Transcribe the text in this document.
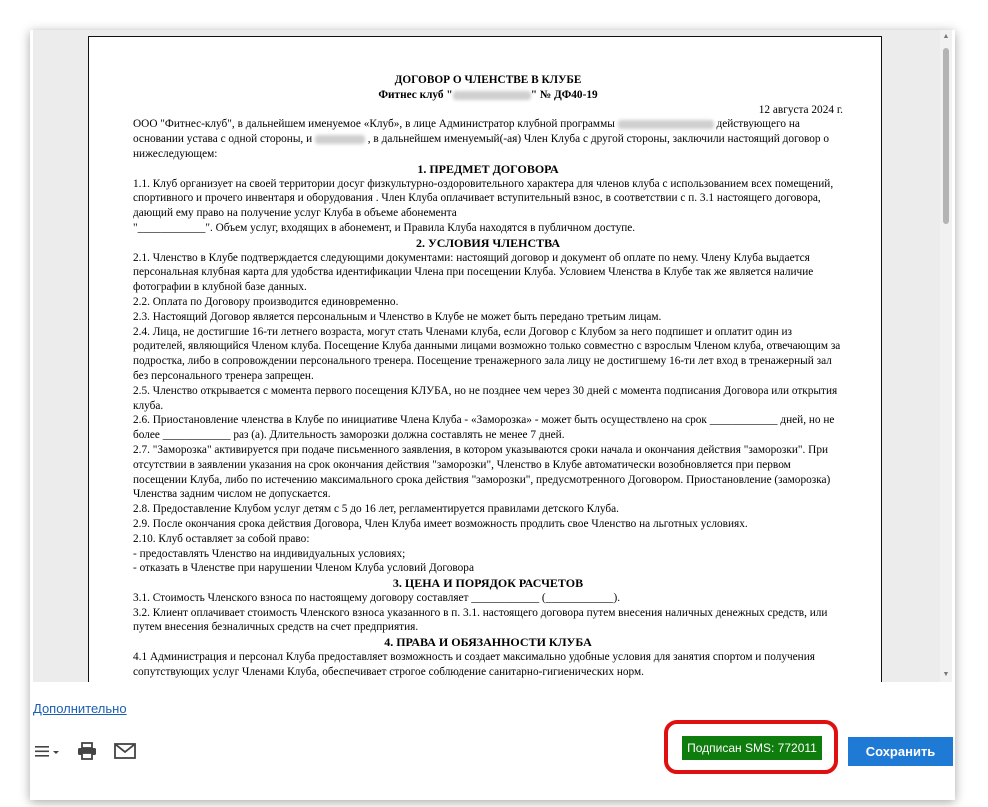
ДОГОВОР О ЧЛЕНСТВЕ В КЛУБЕ
Фитнес клуб "	" № ДФ40-19
12 августа 2024 г.

ООО "Фитнес-клуб", в дальнейшем именуемое «Клуб», в лице Администратор клубной программы	действующего на основании устава с одной стороны, и	, в дальнейшем именуемый(-ая) Член Клуба с другой стороны, заключили настоящий договор о нижеследующем:

1. ПРЕДМЕТ ДОГОВОРА

1.1. Клуб организует на своей территории досуг физкультурно-оздоровительного характера для членов клуба с использованием всех помещений, спортивного и прочего инвентаря и оборудования . Член Клуба оплачивает вступительный взнос, в соответствии с п. 3.1 настоящего договора, дающий ему право на получение услуг Клуба в объеме абонемента

"____________". Объем услуг, входящих в абонемент, и Правила Клуба находятся в публичном доступе.

2. УСЛОВИЯ ЧЛЕНСТВА

2.1. Членство в Клубе подтверждается следующими документами: настоящий договор и документ об оплате по нему. Члену Клуба выдается персональная клубная карта для удобства идентификации Члена при посещении Клуба. Условием Членства в Клубе так же является наличие фотографии в клубной базе данных.

2.2. Оплата по Договору производится единовременно.

2.3. Настоящий Договор является персональным и Членство в Клубе не может быть передано третьим лицам.

2.4. Лица, не достигшие 16-ти летнего возраста, могут стать Членами клуба, если Договор с Клубом за него подпишет и оплатит один из родителей, являющийся Членом клуба. Посещение Клуба данными лицами возможно только совместно с взрослым Членом клуба, отвечающим за подростка, либо в сопровождении персонального тренера. Посещение тренажерного зала лицу не достигшему 16-ти лет вход в тренажерный зал без персонального тренера запрещен.

2.5. Членство открывается с момента первого посещения КЛУБА, но не позднее чем через 30 дней с момента подписания Договора или открытия клуба.

2.6. Приостановление членства в Клубе по инициативе Члена Клуба - «Заморозка» - может быть осуществлено на срок ____________ дней, но не более ____________ раз (а). Длительность заморозки должна составлять не менее 7 дней.

2.7. "Заморозка" активируется при подаче письменного заявления, в котором указываются сроки начала и окончания действия "заморозки". При отсутствии в заявлении указания на срок окончания действия "заморозки", Членство в Клубе автоматически возобновляется при первом посещении Клуба, либо по истечению максимального срока действия "заморозки", предусмотренного Договором. Приостановление (заморозка) Членства задним числом не допускается.

2.8. Предоставление Клубом услуг детям с 5 до 16 лет, регламентируется правилами детского Клуба.

2.9. После окончания срока действия Договора, Член Клуба имеет возможность продлить свое Членство на льготных условиях.

2.10. Клуб оставляет за собой право:

- предоставлять Членство на индивидуальных условиях;

- отказать в Членстве при нарушении Членом Клуба условий Договора

3. ЦЕНА И ПОРЯДОК РАСЧЕТОВ

3.1. Стоимость Членского взноса по настоящему договору составляет ____________ (____________).

3.2. Клиент оплачивает стоимость Членского взноса указанного в п. 3.1. настоящего договора путем внесения наличных денежных средств, или путем внесения безналичных средств на счет предприятия.

4. ПРАВА И ОБЯЗАННОСТИ КЛУБА

4.1 Администрация и персонал Клуба предоставляет возможность и создает максимально удобные условия для занятия спортом и получения сопутствующих услуг Членами Клуба, обеспечивает строгое соблюдение санитарно-гигиенических норм.

▲
▼
Дополнительно
Подписан SMS: 772011	Сохранить
